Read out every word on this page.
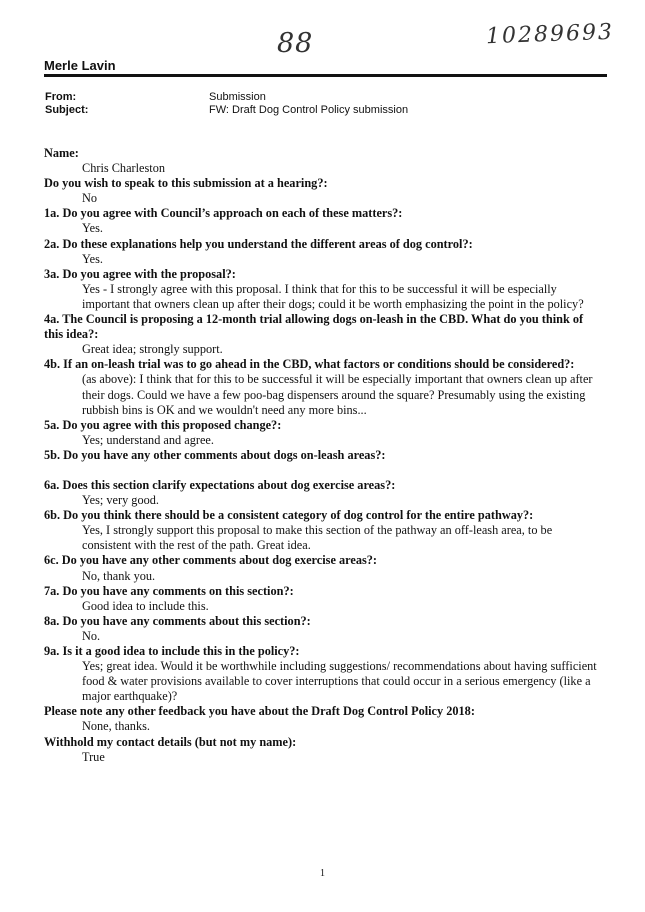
88	10289693
Merle Lavin
From:	Submission
Subject:	FW: Draft Dog Control Policy submission
Name:
Chris Charleston
Do you wish to speak to this submission at a hearing?:
No
1a. Do you agree with Council’s approach on each of these matters?:
Yes.
2a. Do these explanations help you understand the different areas of dog control?:
Yes.
3a. Do you agree with the proposal?:
Yes - I strongly agree with this proposal. I think that for this to be successful it will be especially important that owners clean up after their dogs; could it be worth emphasizing the point in the policy?
4a. The Council is proposing a 12-month trial allowing dogs on-leash in the CBD. What do you think of this idea?:
Great idea; strongly support.
4b. If an on-leash trial was to go ahead in the CBD, what factors or conditions should be considered?:
(as above): I think that for this to be successful it will be especially important that owners clean up after their dogs. Could we have a few poo-bag dispensers around the square? Presumably using the existing rubbish bins is OK and we wouldn't need any more bins...
5a. Do you agree with this proposed change?:
Yes; understand and agree.
5b. Do you have any other comments about dogs on-leash areas?:
6a. Does this section clarify expectations about dog exercise areas?:
Yes; very good.
6b. Do you think there should be a consistent category of dog control for the entire pathway?:
Yes, I strongly support this proposal to make this section of the pathway an off-leash area, to be consistent with the rest of the path. Great idea.
6c. Do you have any other comments about dog exercise areas?:
No, thank you.
7a. Do you have any comments on this section?:
Good idea to include this.
8a. Do you have any comments about this section?:
No.
9a. Is it a good idea to include this in the policy?:
Yes; great idea. Would it be worthwhile including suggestions/ recommendations about having sufficient food & water provisions available to cover interruptions that could occur in a serious emergency (like a major earthquake)?
Please note any other feedback you have about the Draft Dog Control Policy 2018:
None, thanks.
Withhold my contact details (but not my name):
True
1
